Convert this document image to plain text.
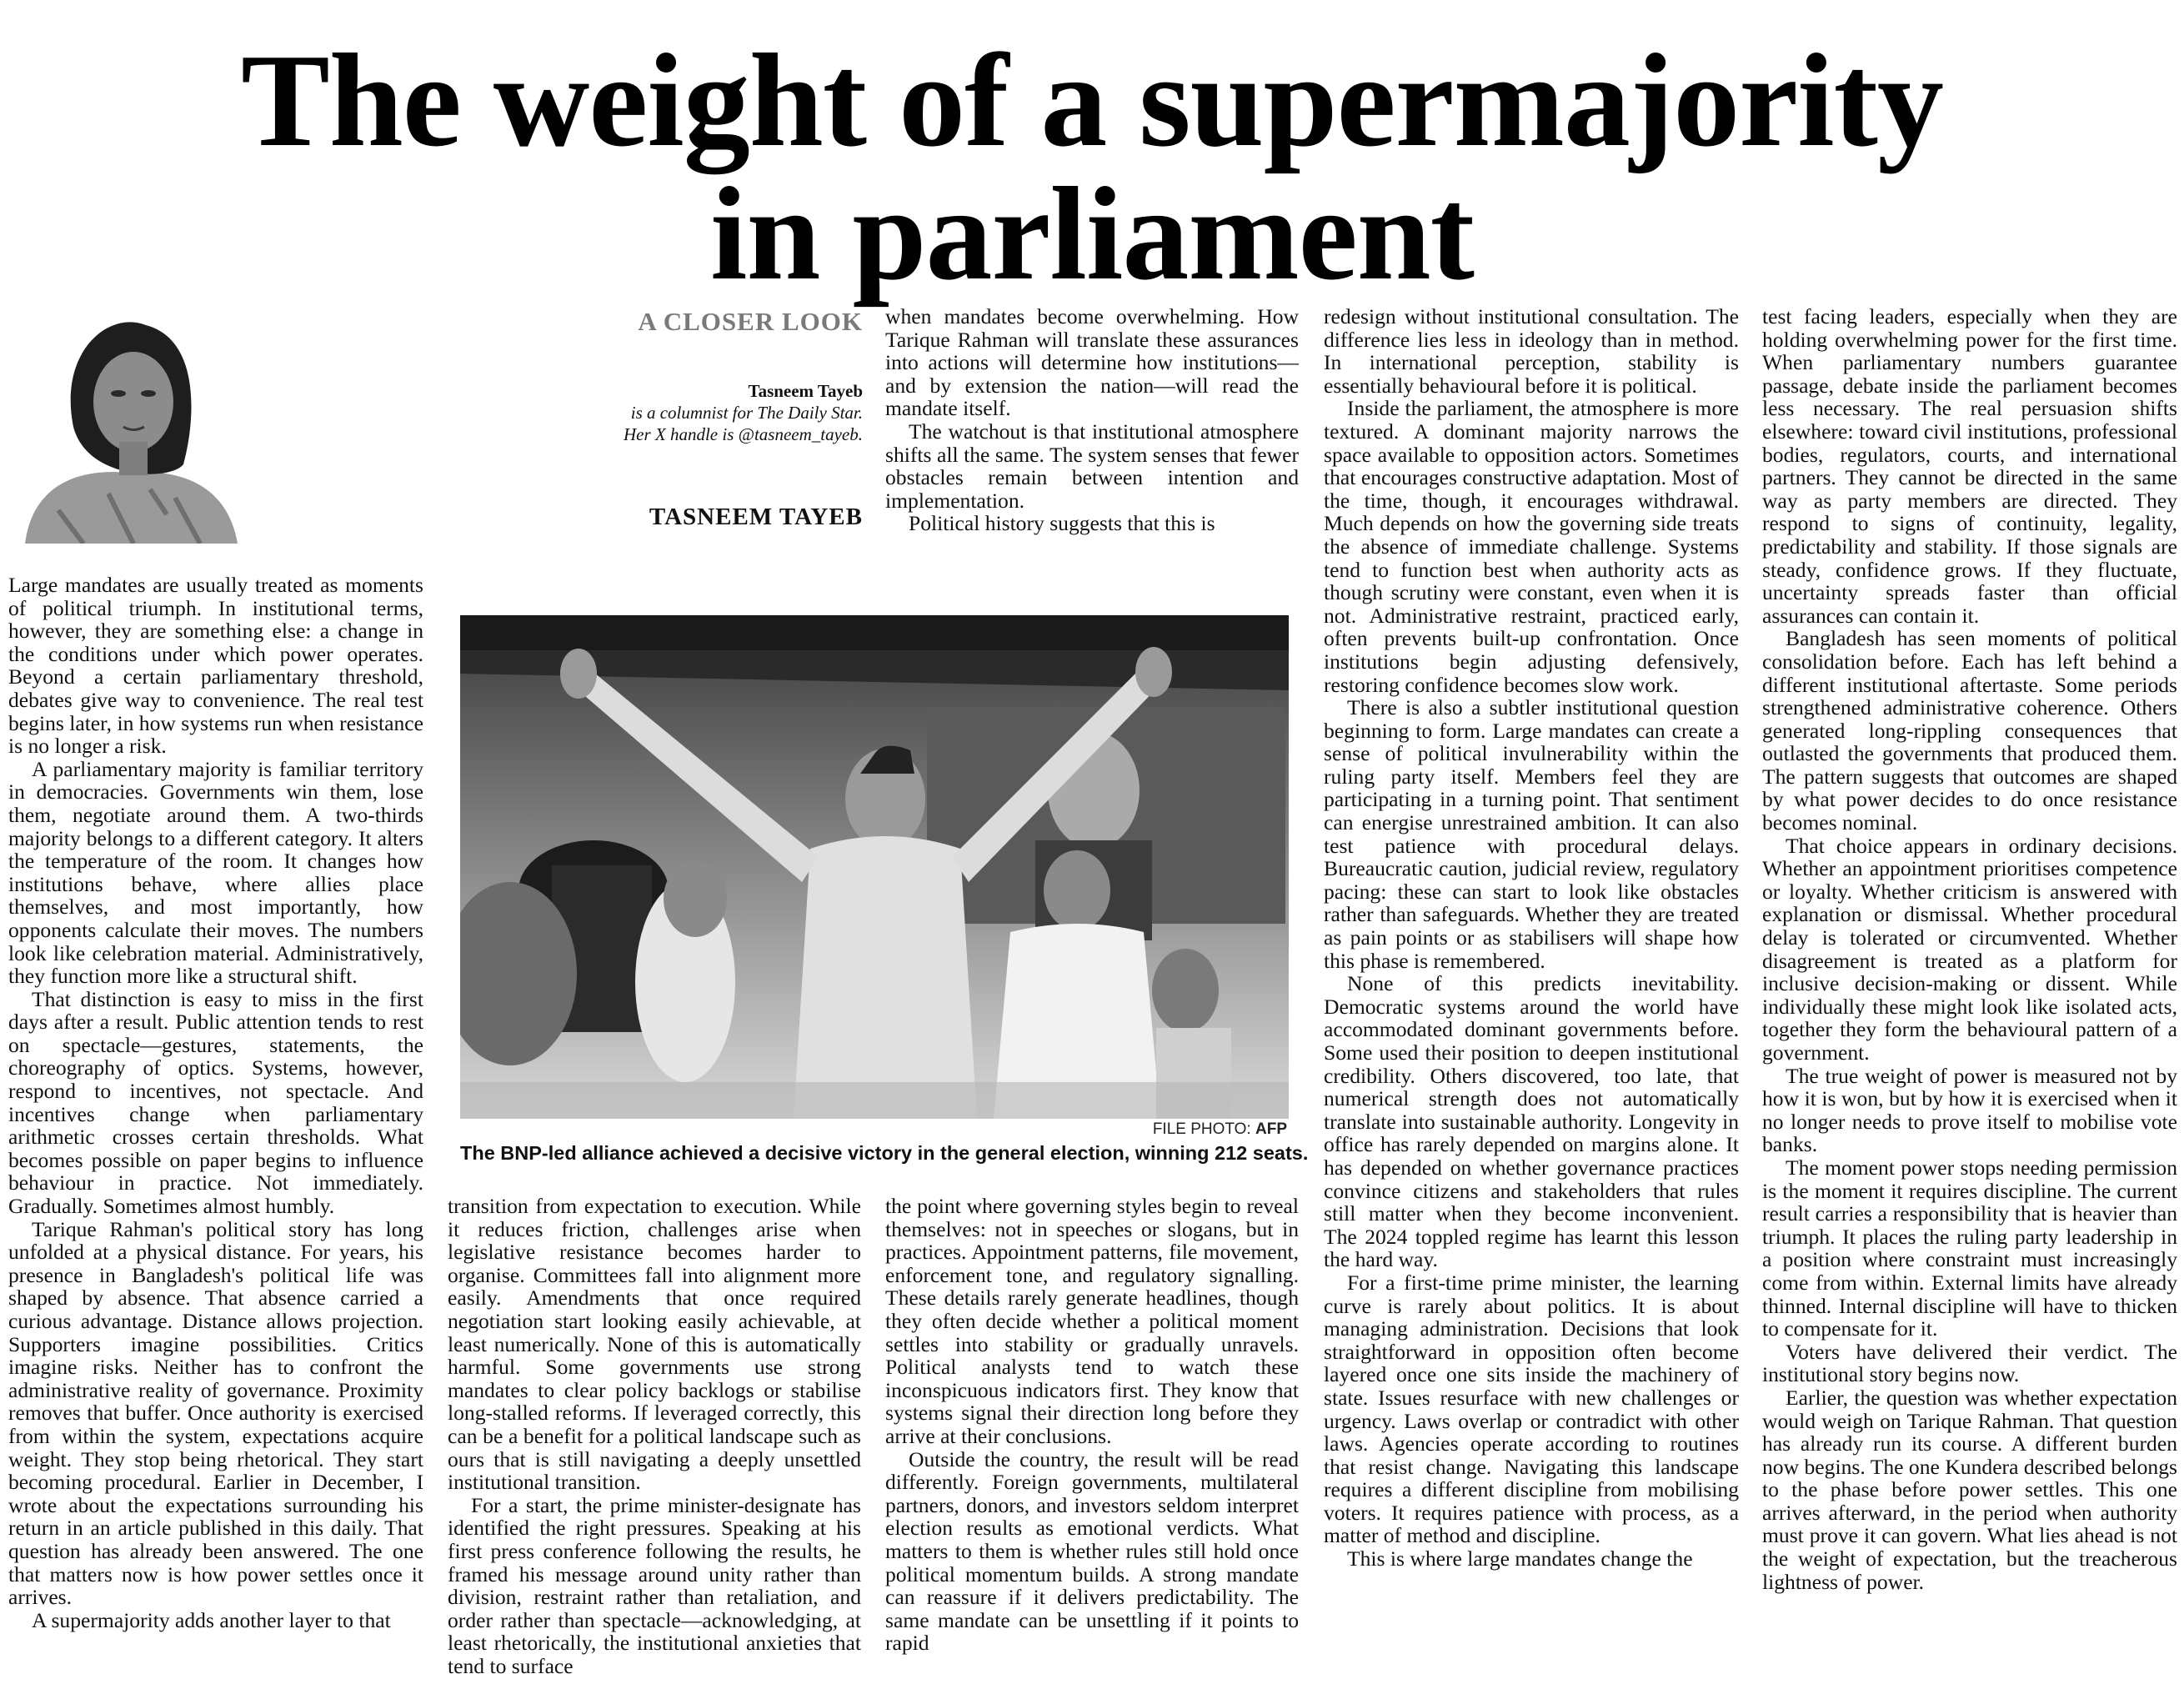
The weight of a supermajority
in parliament
A CLOSER LOOK
Tasneem Tayeb
is a columnist for The Daily Star.
Her X handle is @tasneem_tayeb.
TASNEEM TAYEB

Large mandates are usually treated as moments of political triumph. In institutional terms, however, they are something else: a change in the conditions under which power operates. Beyond a certain parliamentary threshold, debates give way to convenience. The real test begins later, in how systems run when resistance is no longer a risk.

A parliamentary majority is familiar territory in democracies. Governments win them, lose them, negotiate around them. A two-thirds majority belongs to a different category. It alters the temperature of the room. It changes how institutions behave, where allies place themselves, and most importantly, how opponents calculate their moves. The numbers look like celebration material. Administratively, they function more like a structural shift.

That distinction is easy to miss in the first days after a result. Public attention tends to rest on spectacle—gestures, statements, the choreography of optics. Systems, however, respond to incentives, not spectacle. And incentives change when parliamentary arithmetic crosses certain thresholds. What becomes possible on paper begins to influence behaviour in practice. Not immediately. Gradually. Sometimes almost humbly.

Tarique Rahman's political story has long unfolded at a physical distance. For years, his presence in Bangladesh's political life was shaped by absence. That absence carried a curious advantage. Distance allows projection. Supporters imagine possibilities. Critics imagine risks. Neither has to confront the administrative reality of governance. Proximity removes that buffer. Once authority is exercised from within the system, expectations acquire weight. They stop being rhetorical. They start becoming procedural. Earlier in December, I wrote about the expectations surrounding his return in an article published in this daily. That question has already been answered. The one that matters now is how power settles once it arrives.

A supermajority adds another layer to that

transition from expectation to execution. While it reduces friction, challenges arise when legislative resistance becomes harder to organise. Committees fall into alignment more easily. Amendments that once required negotiation start looking easily achievable, at least numerically. None of this is automatically harmful. Some governments use strong mandates to clear policy backlogs or stabilise long-stalled reforms. If leveraged correctly, this can be a benefit for a political landscape such as ours that is still navigating a deeply unsettled institutional transition.

For a start, the prime minister-designate has identified the right pressures. Speaking at his first press conference following the results, he framed his message around unity rather than division, restraint rather than retaliation, and order rather than spectacle—acknowledging, at least rhetorically, the institutional anxieties that tend to surface

when mandates become overwhelming. How Tarique Rahman will translate these assurances into actions will determine how institutions—and by extension the nation—will read the mandate itself.

The watchout is that institutional atmosphere shifts all the same. The system senses that fewer obstacles remain between intention and implementation.

Political history suggests that this is

the point where governing styles begin to reveal themselves: not in speeches or slogans, but in practices. Appointment patterns, file movement, enforcement tone, and regulatory signalling. These details rarely generate headlines, though they often decide whether a political moment settles into stability or gradually unravels. Political analysts tend to watch these inconspicuous indicators first. They know that systems signal their direction long before they arrive at their conclusions.

Outside the country, the result will be read differently. Foreign governments, multilateral partners, donors, and investors seldom interpret election results as emotional verdicts. What matters to them is whether rules still hold once political momentum builds. A strong mandate can reassure if it delivers predictability. The same mandate can be unsettling if it points to rapid

redesign without institutional consultation. The difference lies less in ideology than in method. In international perception, stability is essentially behavioural before it is political.

Inside the parliament, the atmosphere is more textured. A dominant majority narrows the space available to opposition actors. Sometimes that encourages constructive adaptation. Most of the time, though, it encourages withdrawal. Much depends on how the governing side treats the absence of immediate challenge. Systems tend to function best when authority acts as though scrutiny were constant, even when it is not. Administrative restraint, practiced early, often prevents built-up confrontation. Once institutions begin adjusting defensively, restoring confidence becomes slow work.

There is also a subtler institutional question beginning to form. Large mandates can create a sense of political invulnerability within the ruling party itself. Members feel they are participating in a turning point. That sentiment can energise unrestrained ambition. It can also test patience with procedural delays. Bureaucratic caution, judicial review, regulatory pacing: these can start to look like obstacles rather than safeguards. Whether they are treated as pain points or as stabilisers will shape how this phase is remembered.

None of this predicts inevitability. Democratic systems around the world have accommodated dominant governments before. Some used their position to deepen institutional credibility. Others discovered, too late, that numerical strength does not automatically translate into sustainable authority. Longevity in office has rarely depended on margins alone. It has depended on whether governance practices convince citizens and stakeholders that rules still matter when they become inconvenient. The 2024 toppled regime has learnt this lesson the hard way.

For a first-time prime minister, the learning curve is rarely about politics. It is about managing administration. Decisions that look straightforward in opposition often become layered once one sits inside the machinery of state. Issues resurface with new challenges or urgency. Laws overlap or contradict with other laws. Agencies operate according to routines that resist change. Navigating this landscape requires a different discipline from mobilising voters. It requires patience with process, as a matter of method and discipline.

This is where large mandates change the

test facing leaders, especially when they are holding overwhelming power for the first time. When parliamentary numbers guarantee passage, debate inside the parliament becomes less necessary. The real persuasion shifts elsewhere: toward civil institutions, professional bodies, regulators, courts, and international partners. They cannot be directed in the same way as party members are directed. They respond to signs of continuity, legality, predictability and stability. If those signals are steady, confidence grows. If they fluctuate, uncertainty spreads faster than official assurances can contain it.

Bangladesh has seen moments of political consolidation before. Each has left behind a different institutional aftertaste. Some periods strengthened administrative coherence. Others generated long-rippling consequences that outlasted the governments that produced them. The pattern suggests that outcomes are shaped by what power decides to do once resistance becomes nominal.

That choice appears in ordinary decisions. Whether an appointment prioritises competence or loyalty. Whether criticism is answered with explanation or dismissal. Whether procedural delay is tolerated or circumvented. Whether disagreement is treated as a platform for inclusive decision-making or dissent. While individually these might look like isolated acts, together they form the behavioural pattern of a government.

The true weight of power is measured not by how it is won, but by how it is exercised when it no longer needs to prove itself to mobilise vote banks.

The moment power stops needing permission is the moment it requires discipline. The current result carries a responsibility that is heavier than triumph. It places the ruling party leadership in a position where constraint must increasingly come from within. External limits have already thinned. Internal discipline will have to thicken to compensate for it.

Voters have delivered their verdict. The institutional story begins now.

Earlier, the question was whether expectation would weigh on Tarique Rahman. That question has already run its course. A different burden now begins. The one Kundera described belongs to the phase before power settles. This one arrives afterward, in the period when authority must prove it can govern. What lies ahead is not the weight of expectation, but the treacherous lightness of power.

FILE PHOTO: AFP
The BNP-led alliance achieved a decisive victory in the general election, winning 212 seats.
